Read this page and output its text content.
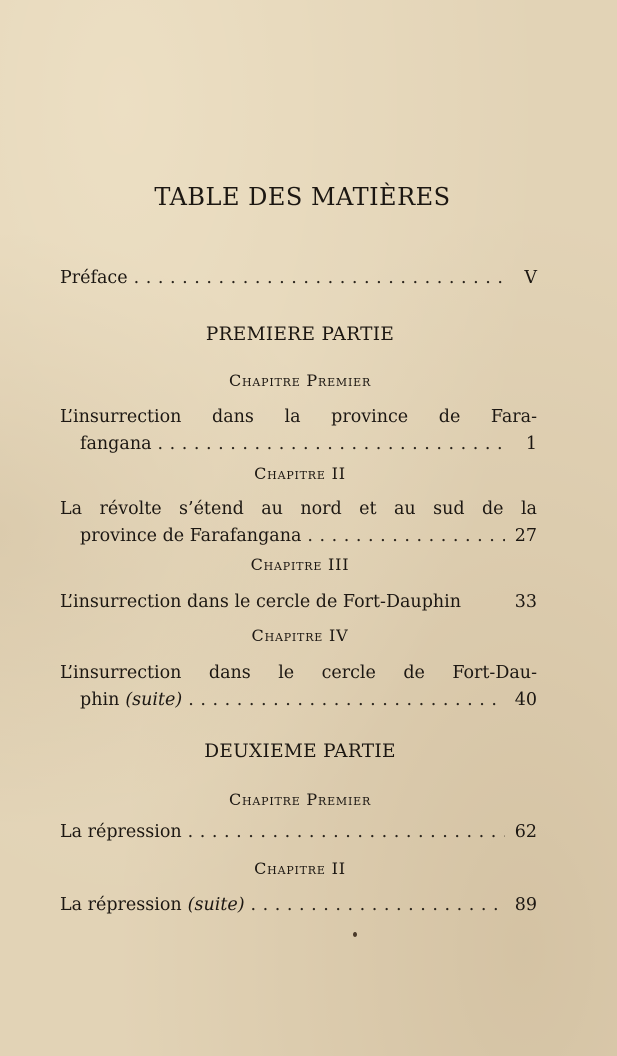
TABLE DES MATIÈRES
Préface . . .	V
PREMIERE PARTIE
Chapitre Premier
L’insurrection dans la province de Fara-
fangana . . .	1
Chapitre II
La révolte s’étend au nord et au sud de la
province de Farafangana . . .	27
Chapitre III
L’insurrection dans le cercle de Fort-Dauphin	33
Chapitre IV
L’insurrection dans le cercle de Fort-Dau-
phin (suite) . . .	40
DEUXIEME PARTIE
Chapitre Premier
La répression . . .	62
Chapitre II
La répression (suite) . . .	89
